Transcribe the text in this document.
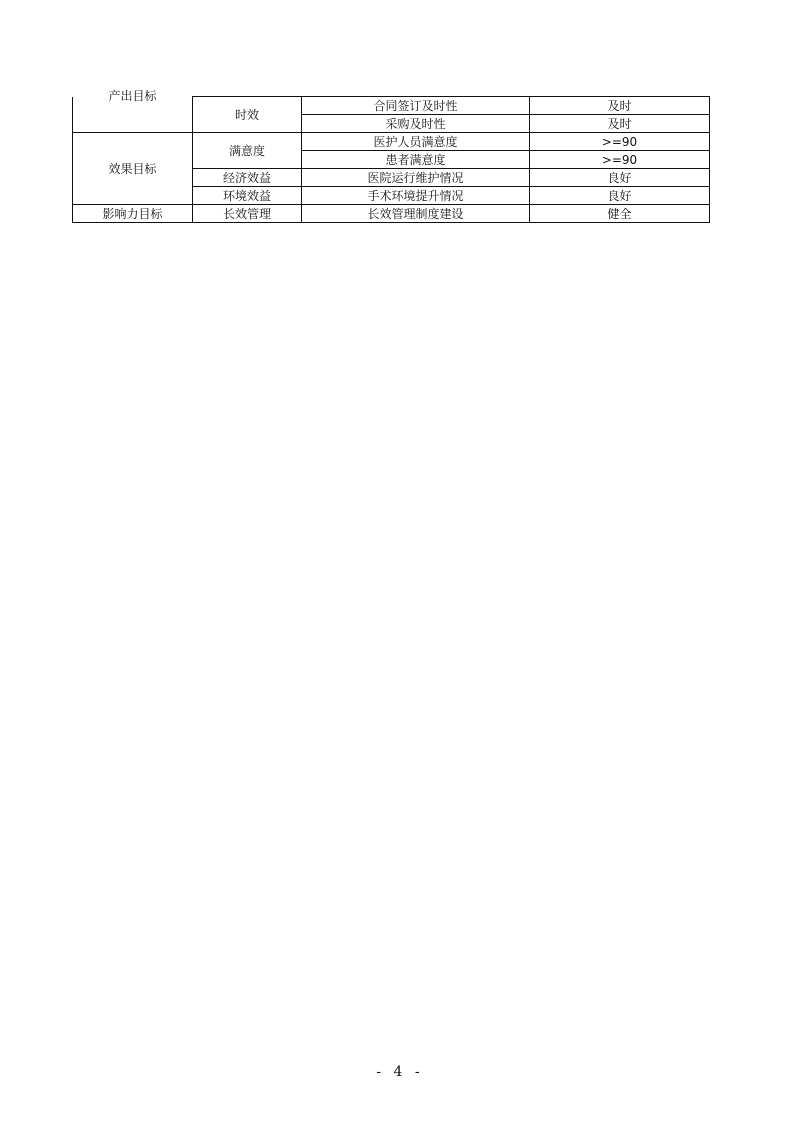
产出目标	时效	合同签订及时性	及时
		采购及时性	及时
效果目标	满意度	医护人员满意度	>=90
		患者满意度	>=90
	经济效益	医院运行维护情况	良好
	环境效益	手术环境提升情况	良好
影响力目标	长效管理	长效管理制度建设	健全
- 4 -
